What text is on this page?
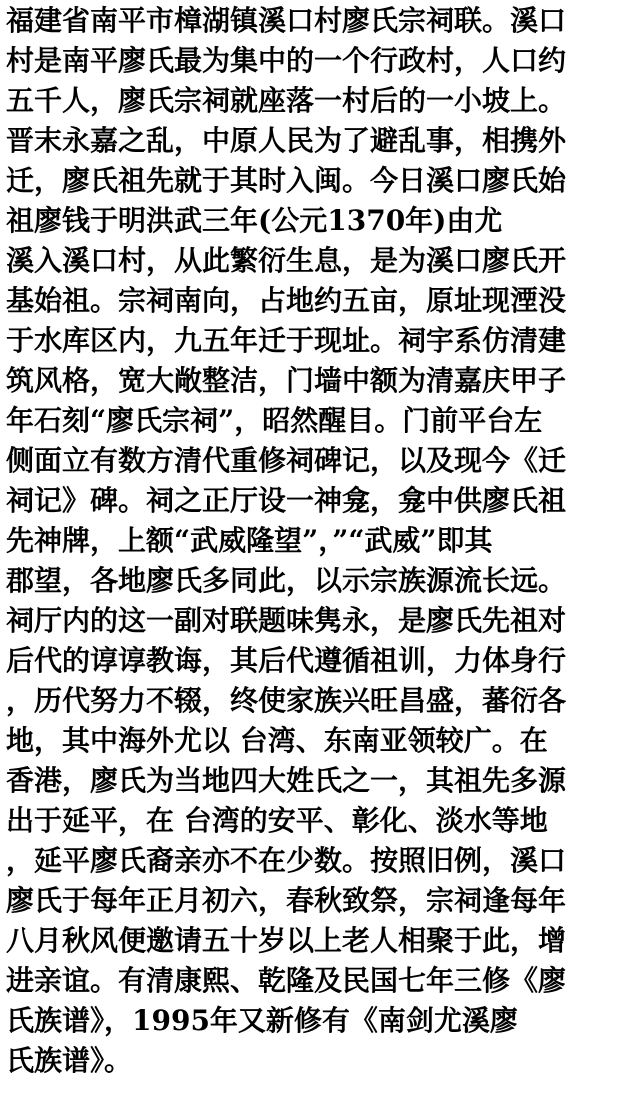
福建省南平市樟湖镇溪口村廖氏宗祠联。溪口
村是南平廖氏最为集中的一个行政村，人口约
五千人，廖氏宗祠就座落一村后的一小坡上。
晋末永嘉之乱，中原人民为了避乱事，相携外
迁，廖氏祖先就于其时入闽。今日溪口廖氏始
祖廖钱于明洪武三年(公元1370年)由尤
溪入溪口村，从此繁衍生息，是为溪口廖氏开
基始祖。宗祠南向，占地约五亩，原址现湮没
于水库区内，九五年迁于现址。祠宇系仿清建
筑风格，宽大敞整洁，门墙中额为清嘉庆甲子
年石刻“廖氏宗祠”，昭然醒目。门前平台左
侧面立有数方清代重修祠碑记，以及现今《迁
祠记》碑。祠之正厅设一神龛，龛中供廖氏祖
先神牌，上额“武威隆望”，”“武威”即其
郡望，各地廖氏多同此，以示宗族源流长远。
祠厅内的这一副对联题味隽永，是廖氏先祖对
后代的谆谆教诲，其后代遵循祖训，力体身行
，历代努力不辍，终使家族兴旺昌盛，蕃衍各
地，其中海外尤以 台湾、东南亚领较广。在
香港，廖氏为当地四大姓氏之一，其祖先多源
出于延平，在 台湾的安平、彰化、淡水等地
，延平廖氏裔亲亦不在少数。按照旧例，溪口
廖氏于每年正月初六，春秋致祭，宗祠逢每年
八月秋风便邀请五十岁以上老人相聚于此，增
进亲谊。有清康熙、乾隆及民国七年三修《廖
氏族谱》，1995年又新修有《南剑尤溪廖
氏族谱》。
